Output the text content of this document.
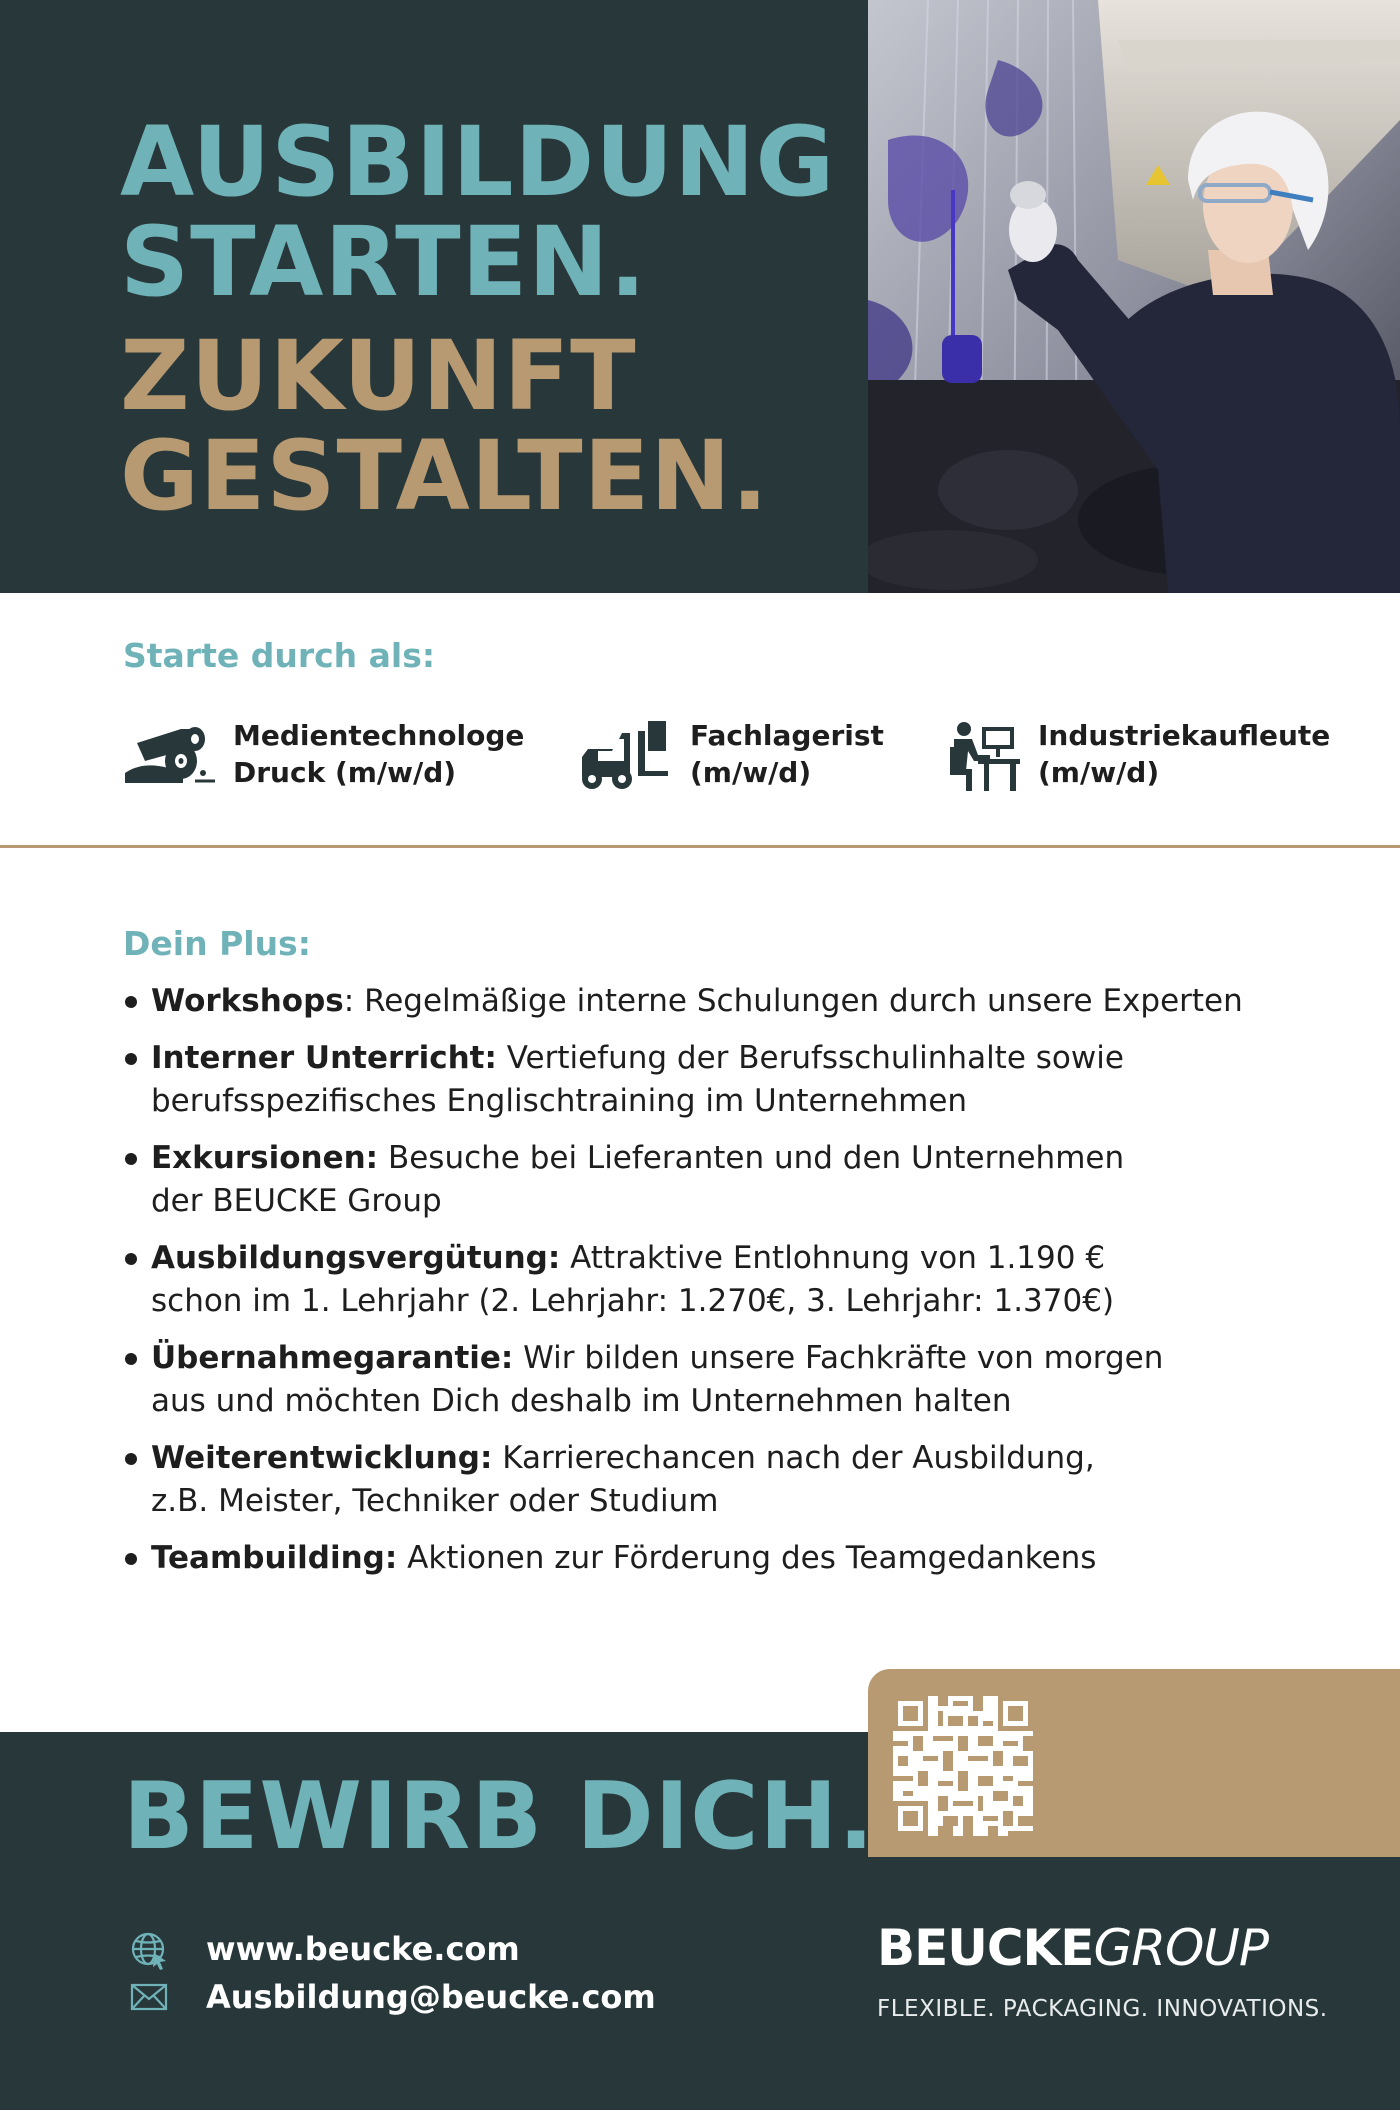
AUSBILDUNG
STARTEN.
ZUKUNFT
GESTALTEN.
Starte durch als:

Medientechnologe
Druck (m/w/d)

Fachlagerist
(m/w/d)

Industriekaufleute
(m/w/d)

Dein Plus:
Workshops: Regelmäßige interne Schulungen durch unsere Experten
Interner Unterricht: Vertiefung der Berufsschulinhalte sowie
berufsspezifisches Englischtraining im Unternehmen
Exkursionen: Besuche bei Lieferanten und den Unternehmen
der BEUCKE Group
Ausbildungsvergütung: Attraktive Entlohnung von 1.190 €
schon im 1. Lehrjahr (2. Lehrjahr: 1.270€, 3. Lehrjahr: 1.370€)
Übernahmegarantie: Wir bilden unsere Fachkräfte von morgen
aus und möchten Dich deshalb im Unternehmen halten
Weiterentwicklung: Karrierechancen nach der Ausbildung,
z.B. Meister, Techniker oder Studium
Teambuilding: Aktionen zur Förderung des Teamgedankens
BEWIRB DICH.

www.beucke.com

Ausbildung@beucke.com

BEUCKEGROUP
FLEXIBLE. PACKAGING. INNOVATIONS.
